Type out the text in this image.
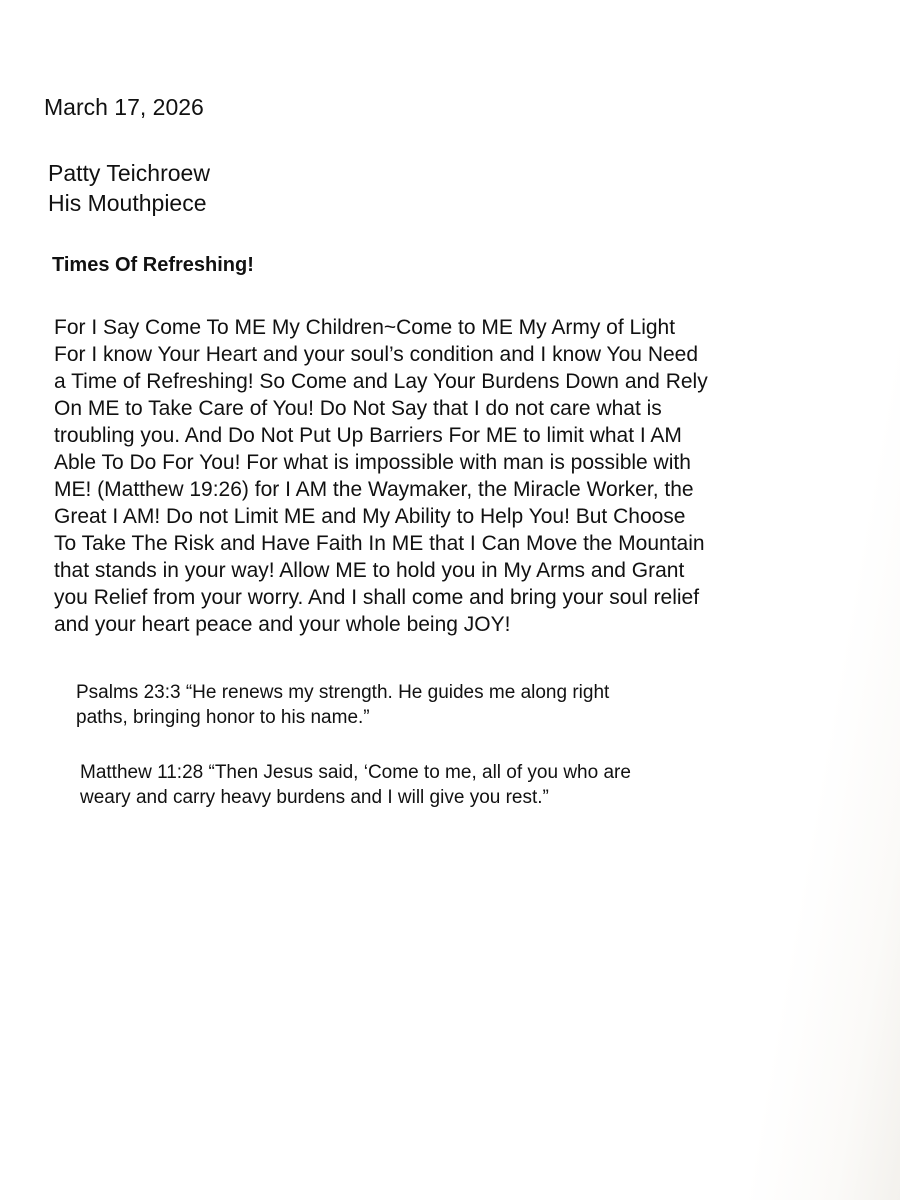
March 17, 2026
Patty Teichroew
His Mouthpiece
Times Of Refreshing!
For I Say Come To ME My Children~Come to ME My Army of Light
For I know Your Heart and your soul’s condition and I know You Need
a Time of Refreshing! So Come and Lay Your Burdens Down and Rely
On ME to Take Care of You! Do Not Say that I do not care what is
troubling you. And Do Not Put Up Barriers For ME to limit what I AM
Able To Do For You! For what is impossible with man is possible with
ME! (Matthew 19:26) for I AM the Waymaker, the Miracle Worker, the
Great I AM! Do not Limit ME and My Ability to Help You! But Choose
To Take The Risk and Have Faith In ME that I Can Move the Mountain
that stands in your way! Allow ME to hold you in My Arms and Grant
you Relief from your worry. And I shall come and bring your soul relief
and your heart peace and your whole being JOY!
Psalms 23:3 “He renews my strength. He guides me along right
paths, bringing honor to his name.”
Matthew 11:28 “Then Jesus said, ‘Come to me, all of you who are
weary and carry heavy burdens and I will give you rest.”
